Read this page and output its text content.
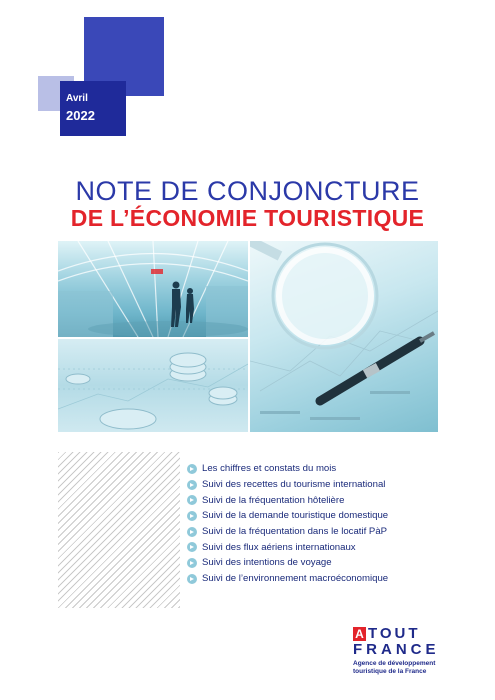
Avril
2022
NOTE DE CONJONCTURE
DE L’ÉCONOMIE TOURISTIQUE
Les chiffres et constats du mois
Suivi des recettes du tourisme international
Suivi de la fréquentation hôtelière
Suivi de la demande touristique domestique
Suivi de la fréquentation dans le locatif PàP
Suivi des flux aériens internationaux
Suivi des intentions de voyage
Suivi de l’environnement macroéconomique
A TOUT
FRANCE
Agence de développement
touristique de la France
